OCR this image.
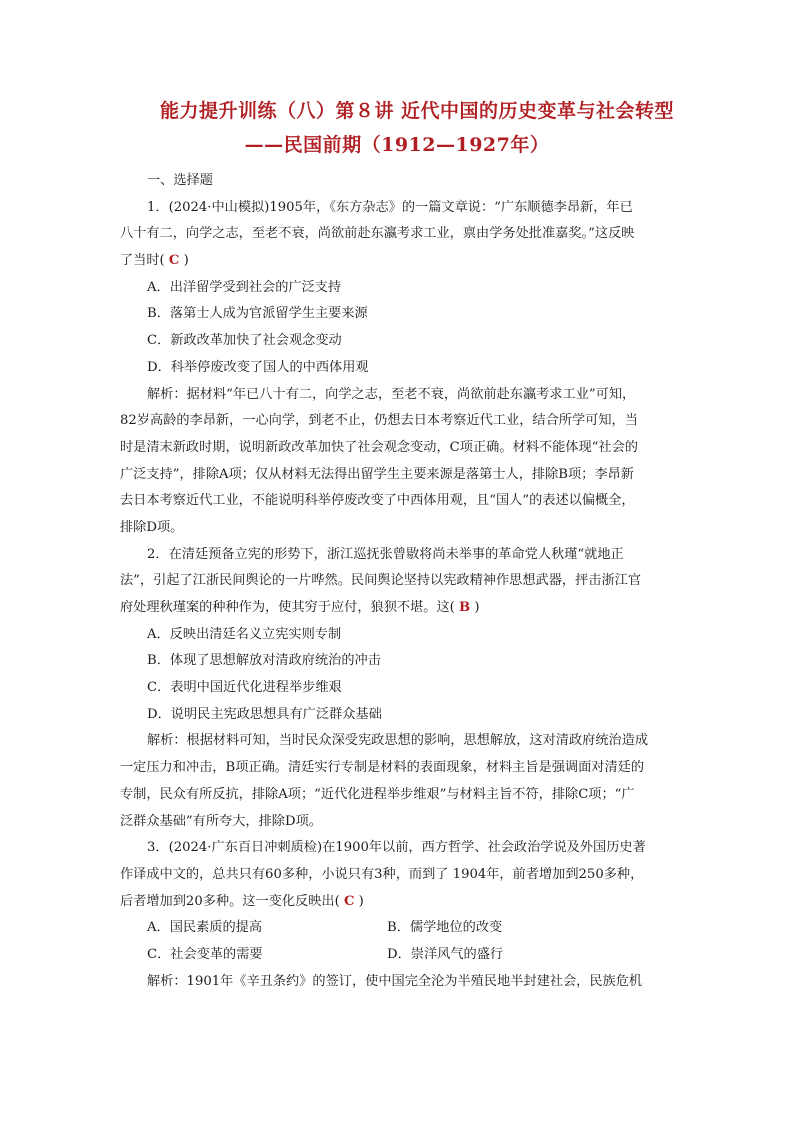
能力提升训练（八）第８讲 近代中国的历史变革与社会转型
——民国前期（1912—1927年）
一、选择题
1．(2024·中山模拟)1905年，《东方杂志》的一篇文章说：“广东顺德李昂新，年已
八十有二，向学之志，至老不衰，尚欲前赴东瀛考求工业，禀由学务处批准嘉奖。”这反映
了当时( C )
A．出洋留学受到社会的广泛支持
B．落第士人成为官派留学生主要来源
C．新政改革加快了社会观念变动
D．科举停废改变了国人的中西体用观
解析：据材料“年已八十有二，向学之志，至老不衰，尚欲前赴东瀛考求工业”可知，
82岁高龄的李昂新，一心向学，到老不止，仍想去日本考察近代工业，结合所学可知，当
时是清末新政时期，说明新政改革加快了社会观念变动，C项正确。材料不能体现“社会的
广泛支持”，排除A项；仅从材料无法得出留学生主要来源是落第士人，排除B项；李昂新
去日本考察近代工业，不能说明科举停废改变了中西体用观，且“国人”的表述以偏概全，
排除D项。
2．在清廷预备立宪的形势下，浙江巡抚张曾敭将尚未举事的革命党人秋瑾“就地正
法”，引起了江浙民间舆论的一片哗然。民间舆论坚持以宪政精神作思想武器，抨击浙江官
府处理秋瑾案的种种作为，使其穷于应付，狼狈不堪。这( B )
A．反映出清廷名义立宪实则专制
B．体现了思想解放对清政府统治的冲击
C．表明中国近代化进程举步维艰
D．说明民主宪政思想具有广泛群众基础
解析：根据材料可知，当时民众深受宪政思想的影响，思想解放，这对清政府统治造成
一定压力和冲击，B项正确。清廷实行专制是材料的表面现象，材料主旨是强调面对清廷的
专制，民众有所反抗，排除A项；“近代化进程举步维艰”与材料主旨不符，排除C项；“广
泛群众基础”有所夸大，排除D项。
3．(2024·广东百日冲刺质检)在1900年以前，西方哲学、社会政治学说及外国历史著
作译成中文的，总共只有60多种，小说只有3种，而到了 1904年，前者增加到250多种，
后者增加到20多种。这一变化反映出( C )
A．国民素质的提高	B．儒学地位的改变
C．社会变革的需要	D．崇洋风气的盛行
解析：1901年《辛丑条约》的签订，使中国完全沦为半殖民地半封建社会，民族危机
